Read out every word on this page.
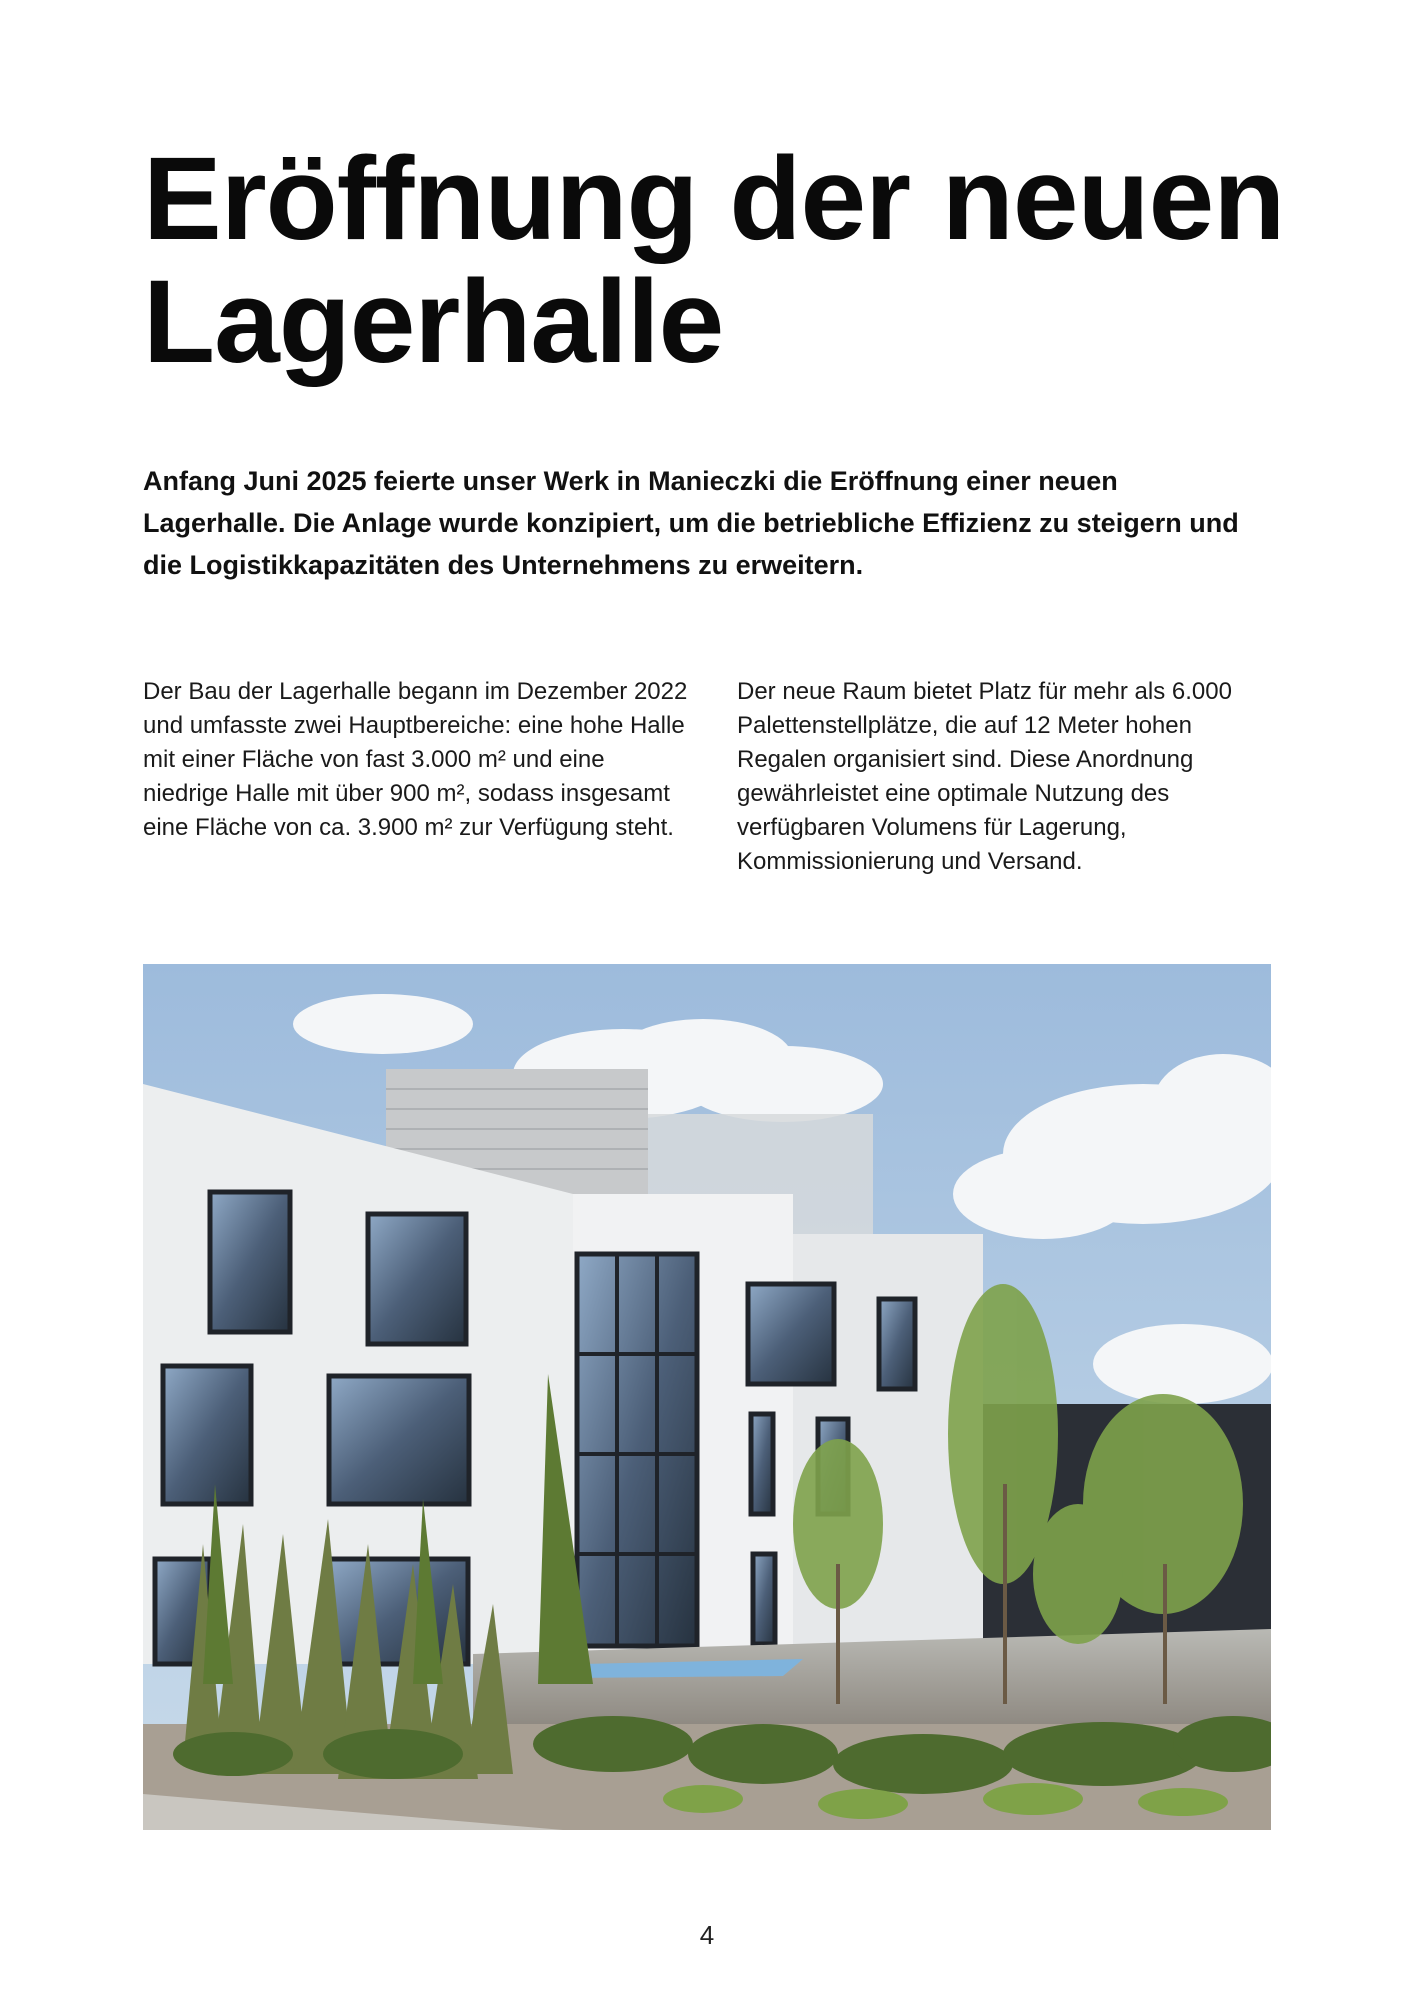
Eröffnung der neuen
Lagerhalle

Anfang Juni 2025 feierte unser Werk in Manieczki die Eröffnung einer neuen Lagerhalle. Die Anlage wurde konzipiert, um die betriebliche Effizienz zu steigern und die Logistikkapazitäten des Unternehmens zu erweitern.

Der Bau der Lagerhalle begann im Dezember 2022 und umfasste zwei Hauptbereiche: eine hohe Halle mit einer Fläche von fast 3.000 m² und eine niedrige Halle mit über 900 m², sodass insgesamt eine Fläche von ca. 3.900 m² zur Verfügung steht.

Der neue Raum bietet Platz für mehr als 6.000 Palettenstellplätze, die auf 12 Meter hohen Regalen organisiert sind. Diese Anordnung gewährleistet eine optimale Nutzung des verfügbaren Volumens für Lagerung, Kommissionierung und Versand.

4
